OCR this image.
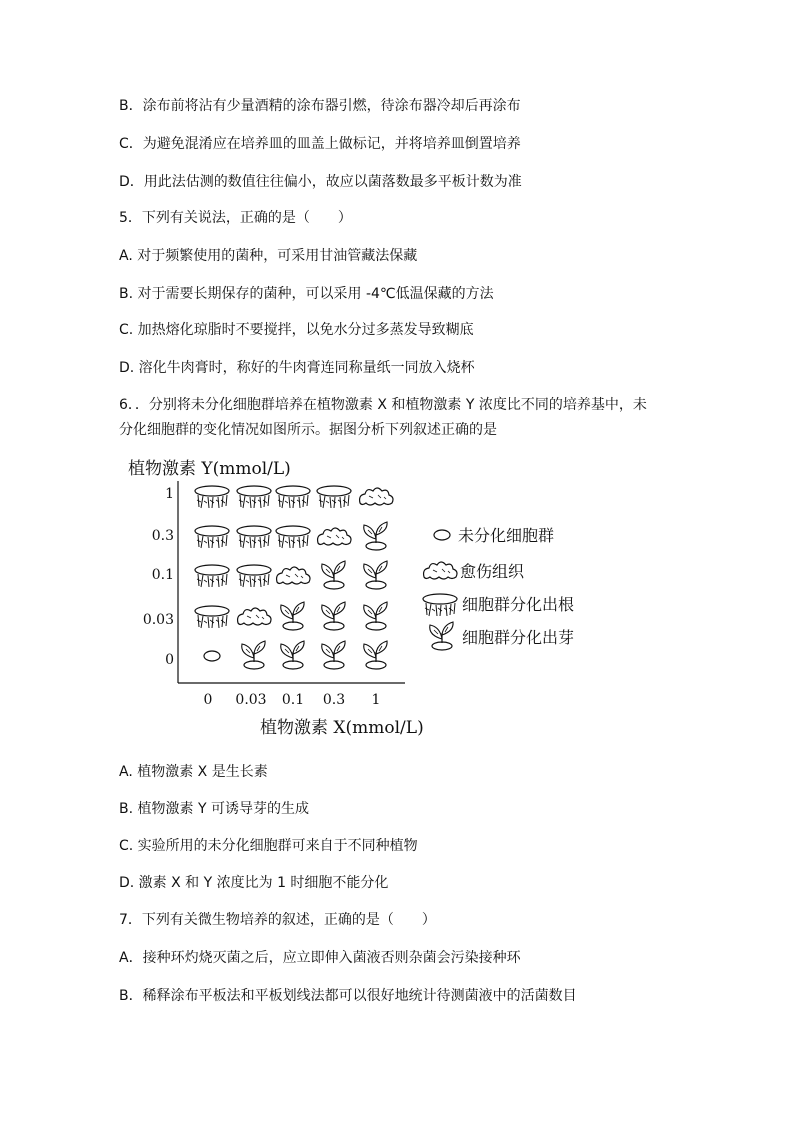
B．涂布前将沾有少量酒精的涂布器引燃，待涂布器冷却后再涂布
C．为避免混淆应在培养皿的皿盖上做标记，并将培养皿倒置培养
D．用此法估测的数值往往偏小，故应以菌落数最多平板计数为准
5．下列有关说法，正确的是（　　）
A. 对于频繁使用的菌种，可采用甘油管藏法保藏
B. 对于需要长期保存的菌种，可以采用 -4℃低温保藏的方法
C. 加热熔化琼脂时不要搅拌，以免水分过多蒸发导致糊底
D. 溶化牛肉膏时，称好的牛肉膏连同称量纸一同放入烧杯
6．．分别将未分化细胞群培养在植物激素 X 和植物激素 Y 浓度比不同的培养基中，未
分化细胞群的变化情况如图所示。据图分析下列叙述正确的是
植物激素 Y(mmol/L)
1
0.3
0.1
0.03
0
0 0.03 0.1 0.3 1
植物激素 X(mmol/L)
未分化细胞群
愈伤组织
细胞群分化出根
细胞群分化出芽
A. 植物激素 X 是生长素
B. 植物激素 Y 可诱导芽的生成
C. 实验所用的未分化细胞群可来自于不同种植物
D. 激素 X 和 Y 浓度比为 1 时细胞不能分化
7．下列有关微生物培养的叙述，正确的是（　　）
A．接种环灼烧灭菌之后，应立即伸入菌液否则杂菌会污染接种环
B．稀释涂布平板法和平板划线法都可以很好地统计待测菌液中的活菌数目
